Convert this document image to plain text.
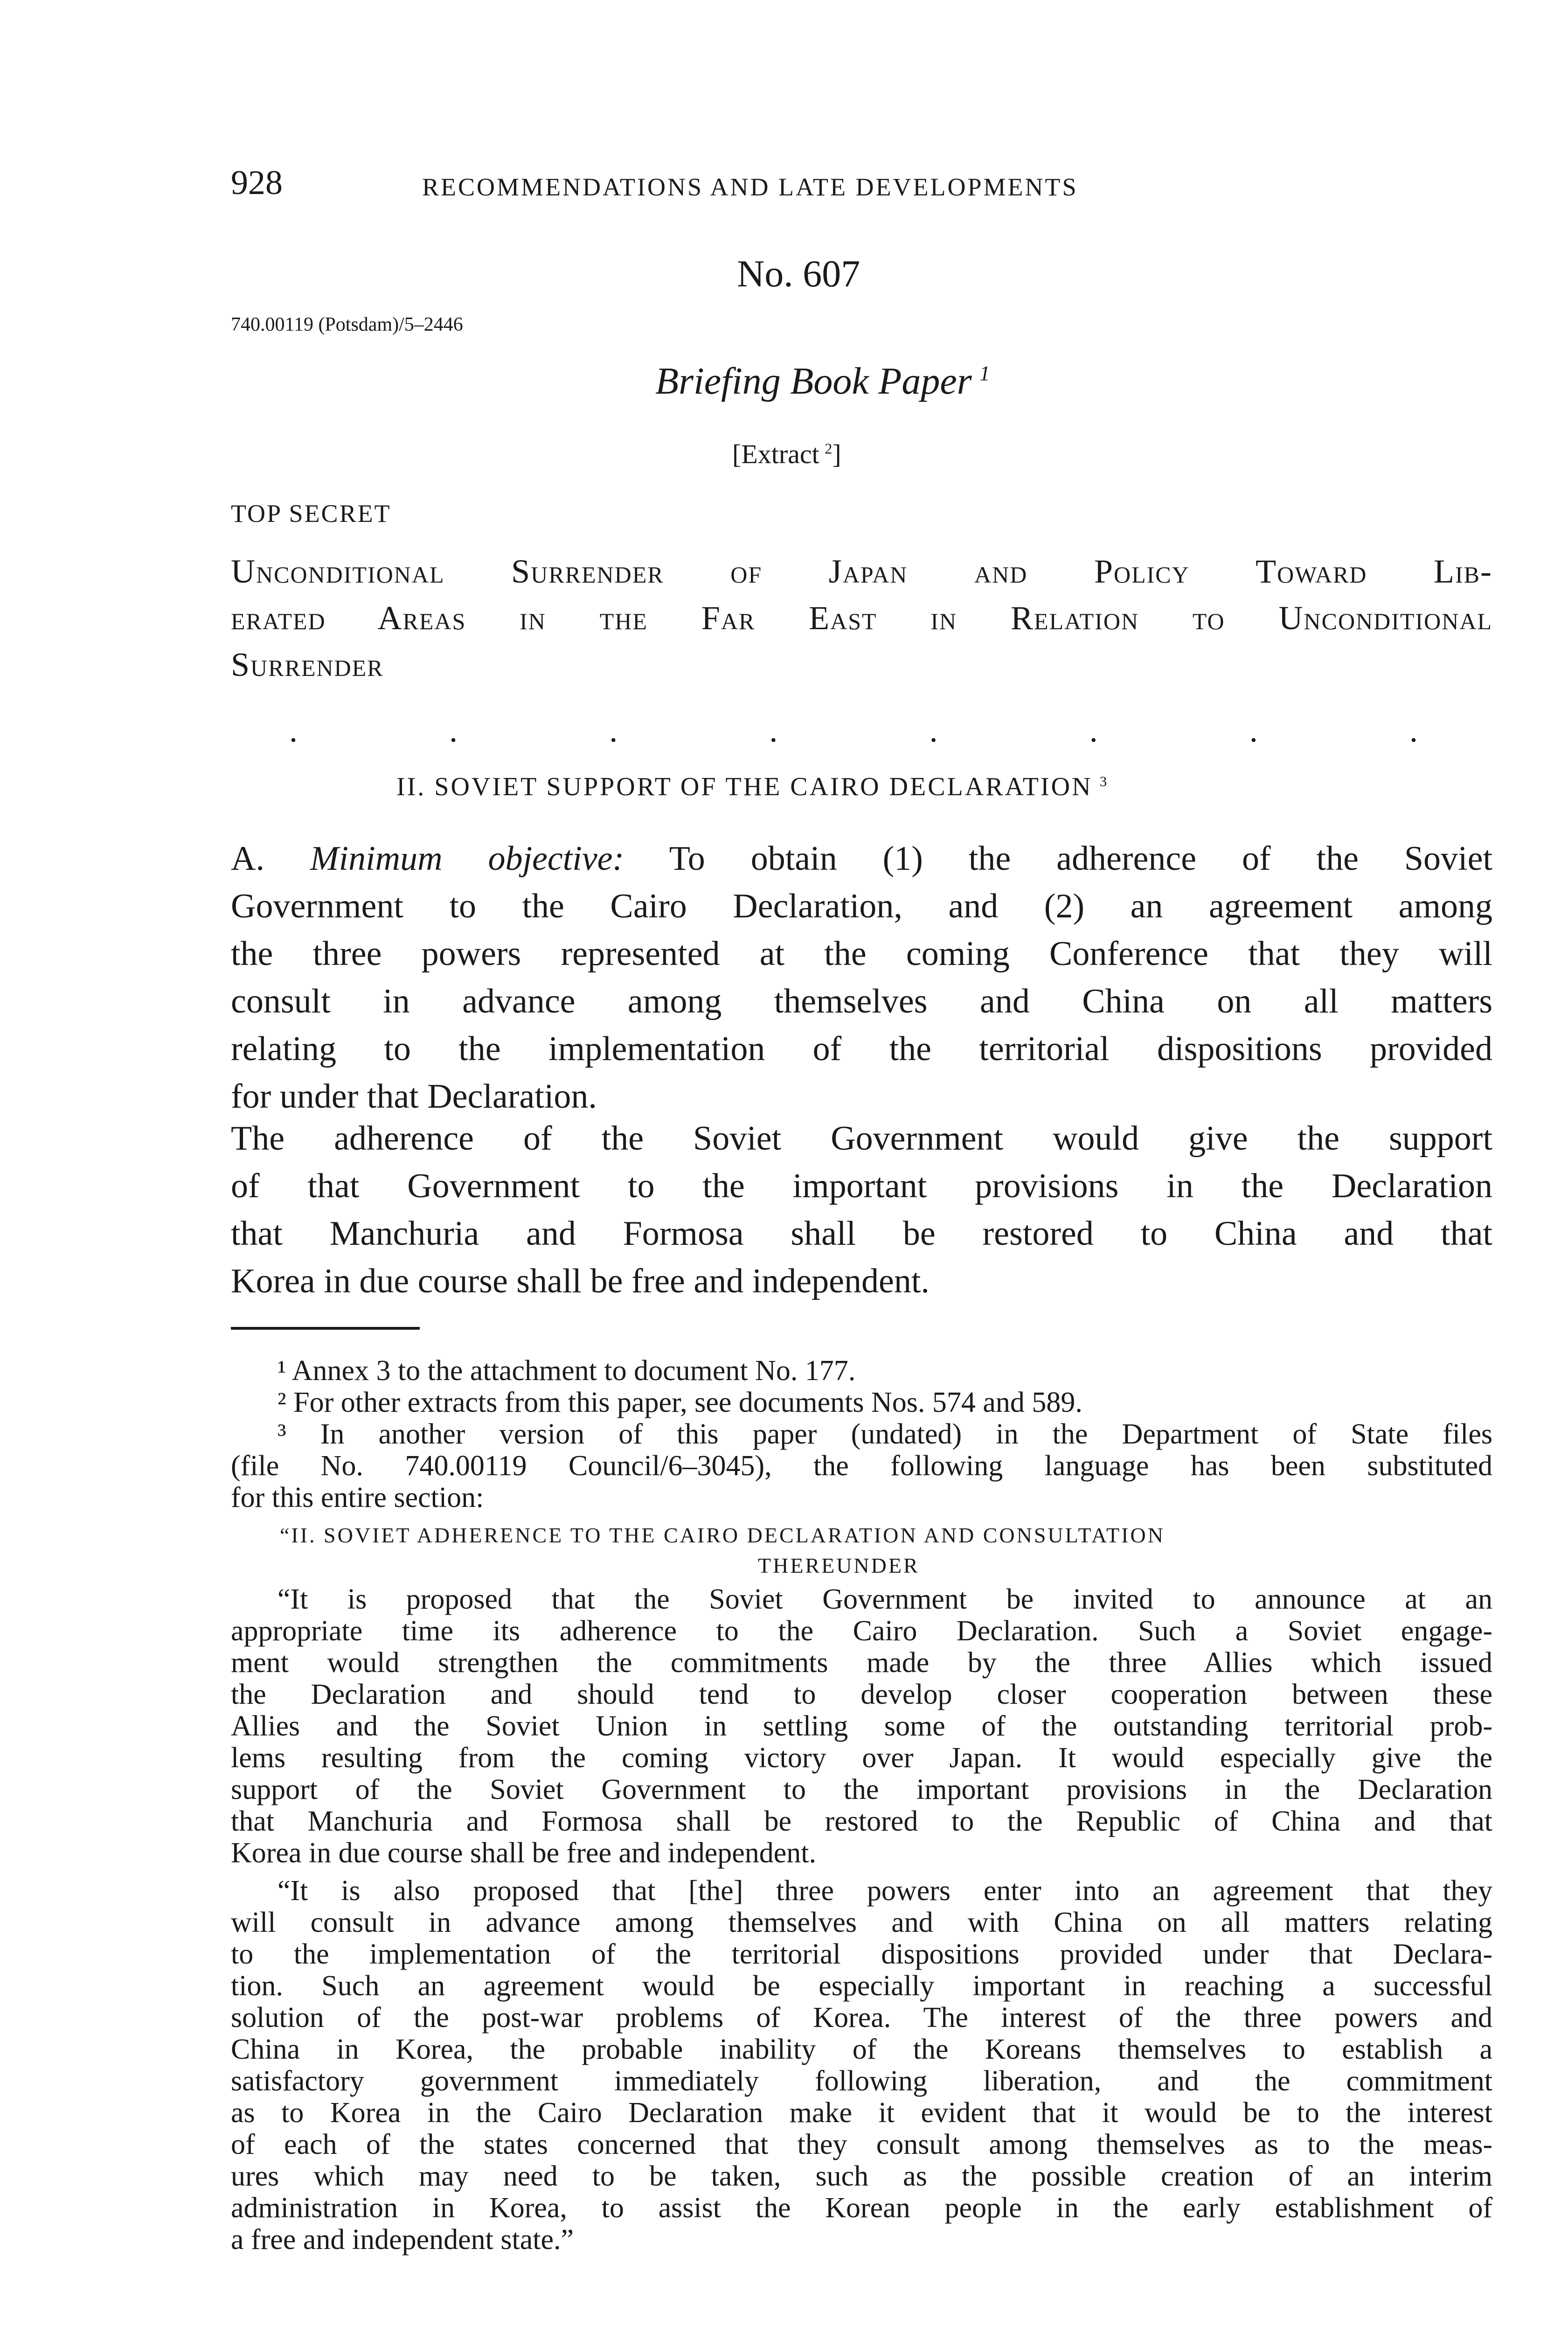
928	RECOMMENDATIONS AND LATE DEVELOPMENTS
No. 607
740.00119 (Potsdam)/5–2446
Briefing Book Paper  $^1$
[Extract  $^2$]
TOP SECRET
Unconditional Surrender of Japan and Policy Toward Lib-
erated Areas in the Far East in Relation to Unconditional
Surrender
.	.	.	.	.	.	.	.
II. SOVIET SUPPORT OF THE CAIRO DECLARATION  $^3$
A. Minimum objective: To obtain (1) the adherence of the Soviet
Government to the Cairo Declaration, and (2) an agreement among
the three powers represented at the coming Conference that they will
consult in advance among themselves and China on all matters
relating to the implementation of the territorial dispositions provided
for under that Declaration.
The adherence of the Soviet Government would give the support
of that Government to the important provisions in the Declaration
that Manchuria and Formosa shall be restored to China and that
Korea in due course shall be free and independent.
¹ Annex 3 to the attachment to document No. 177.
² For other extracts from this paper, see documents Nos. 574 and 589.
³ In another version of this paper (undated) in the Department of State files
(file No. 740.00119 Council/6–3045), the following language has been substituted
for this entire section:
“II. SOVIET ADHERENCE TO THE CAIRO DECLARATION AND CONSULTATION
THEREUNDER
“It is proposed that the Soviet Government be invited to announce at an
appropriate time its adherence to the Cairo Declaration. Such a Soviet engage-
ment would strengthen the commitments made by the three Allies which issued
the Declaration and should tend to develop closer cooperation between these
Allies and the Soviet Union in settling some of the outstanding territorial prob-
lems resulting from the coming victory over Japan. It would especially give the
support of the Soviet Government to the important provisions in the Declaration
that Manchuria and Formosa shall be restored to the Republic of China and that
Korea in due course shall be free and independent.
“It is also proposed that [the] three powers enter into an agreement that they
will consult in advance among themselves and with China on all matters relating
to the implementation of the territorial dispositions provided under that Declara-
tion. Such an agreement would be especially important in reaching a successful
solution of the post-war problems of Korea. The interest of the three powers and
China in Korea, the probable inability of the Koreans themselves to establish a
satisfactory government immediately following liberation, and the commitment
as to Korea in the Cairo Declaration make it evident that it would be to the interest
of each of the states concerned that they consult among themselves as to the meas-
ures which may need to be taken, such as the possible creation of an interim
administration in Korea, to assist the Korean people in the early establishment of
a free and independent state.”
